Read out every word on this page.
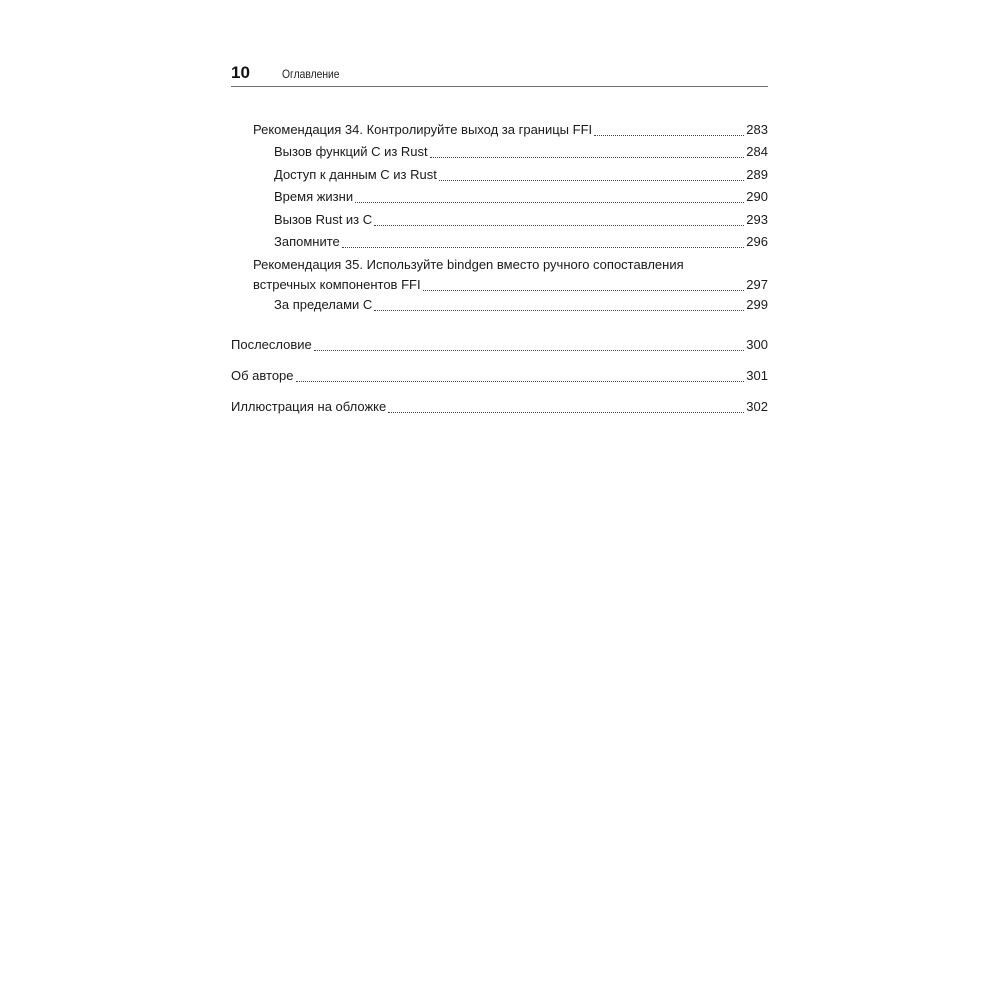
10	Оглавление
Рекомендация 34. Контролируйте выход за границы FFI	283
Вызов функций С из Rust	284
Доступ к данным С из Rust	289
Время жизни	290
Вызов Rust из C	293
Запомните	296
Рекомендация 35. Используйте bindgen вместо ручного сопоставления
встречных компонентов FFI	297
За пределами С	299
Послесловие	300
Об авторе	301
Иллюстрация на обложке	302
